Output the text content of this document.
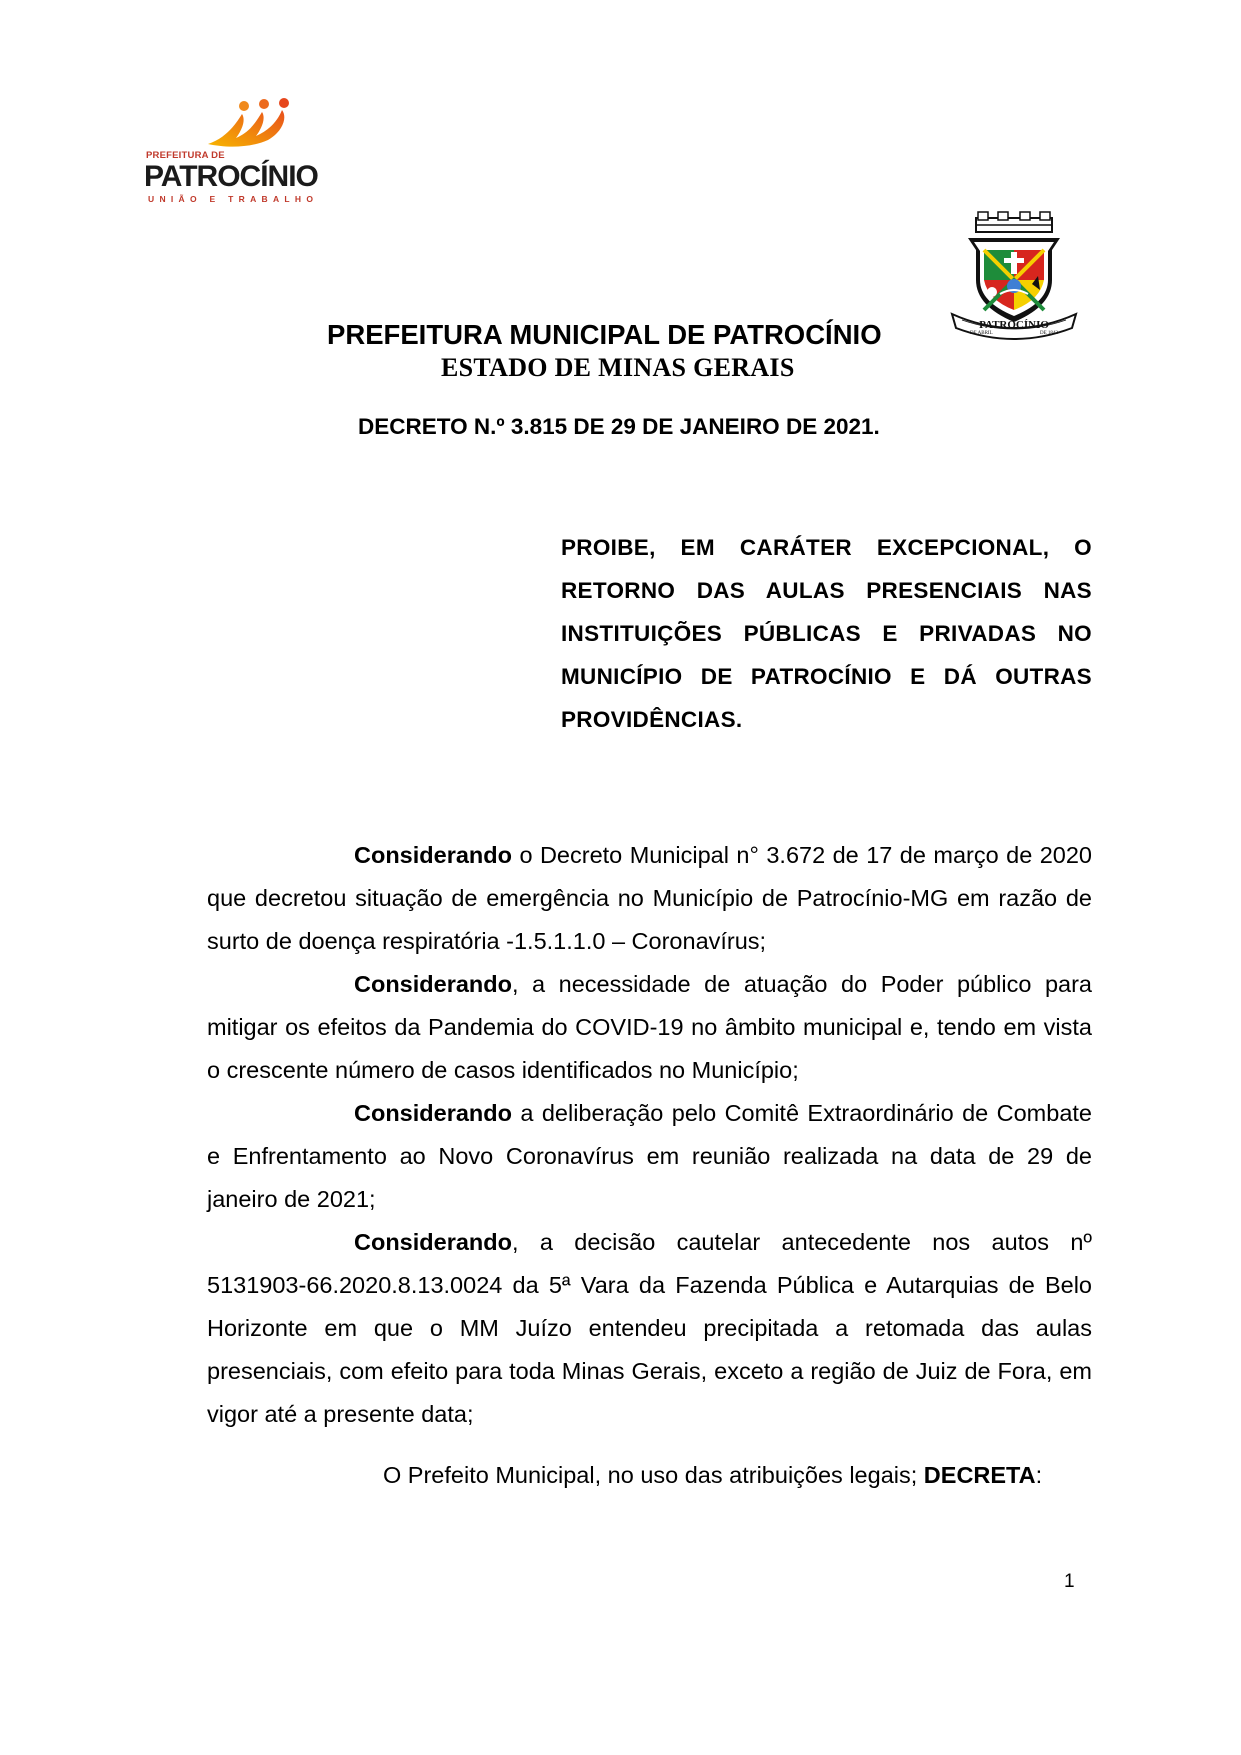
PREFEITURA DE
PATROCÍNIO
UNIÃO E TRABALHO
PATROCÍNIO
DE ABRIL	DE 1842
PREFEITURA MUNICIPAL DE PATROCÍNIO
ESTADO DE MINAS GERAIS
DECRETO N.º 3.815 DE 29 DE JANEIRO DE 2021.
PROIBE, EM CARÁTER EXCEPCIONAL, O RETORNO DAS AULAS PRESENCIAIS NAS INSTITUIÇÕES PÚBLICAS E PRIVADAS NO MUNICÍPIO DE PATROCÍNIO E DÁ OUTRAS PROVIDÊNCIAS.

Considerando o Decreto Municipal n° 3.672 de 17 de março de 2020 que decretou situação de emergência no Município de Patrocínio-MG em razão de surto de doença respiratória -1.5.1.1.0 – Coronavírus;

Considerando, a necessidade de atuação do Poder público para mitigar os efeitos da Pandemia do COVID-19 no âmbito municipal e, tendo em vista o crescente número de casos identificados no Município;

Considerando a deliberação pelo Comitê Extraordinário de Combate e Enfrentamento ao Novo Coronavírus em reunião realizada na data de 29 de janeiro de 2021;

Considerando, a decisão cautelar antecedente nos autos nº 5131903-66.2020.8.13.0024 da 5ª Vara da Fazenda Pública e Autarquias de Belo Horizonte em que o MM Juízo entendeu precipitada a retomada das aulas presenciais, com efeito para toda Minas Gerais, exceto a região de Juiz de Fora, em vigor até a presente data;

O Prefeito Municipal, no uso das atribuições legais; DECRETA:
1
